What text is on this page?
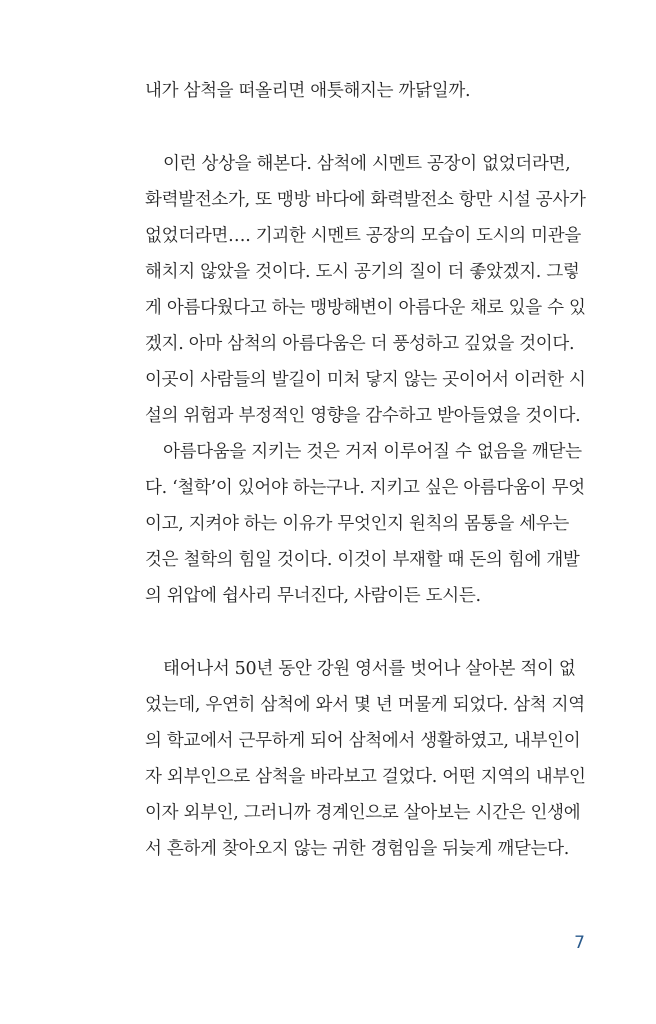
내가 삼척을 떠올리면 애틋해지는 까닭일까.
이런 상상을 해본다. 삼척에 시멘트 공장이 없었더라면,
화력발전소가, 또 맹방 바다에 화력발전소 항만 시설 공사가
없었더라면…. 기괴한 시멘트 공장의 모습이 도시의 미관을
해치지 않았을 것이다. 도시 공기의 질이 더 좋았겠지. 그렇
게 아름다웠다고 하는 맹방해변이 아름다운 채로 있을 수 있
겠지. 아마 삼척의 아름다움은 더 풍성하고 깊었을 것이다.
이곳이 사람들의 발길이 미처 닿지 않는 곳이어서 이러한 시
설의 위험과 부정적인 영향을 감수하고 받아들였을 것이다.
아름다움을 지키는 것은 거저 이루어질 수 없음을 깨닫는
다. ‘철학’이 있어야 하는구나. 지키고 싶은 아름다움이 무엇
이고, 지켜야 하는 이유가 무엇인지 원칙의 몸통을 세우는
것은 철학의 힘일 것이다. 이것이 부재할 때 돈의 힘에 개발
의 위압에 쉽사리 무너진다, 사람이든 도시든.
태어나서 50년 동안 강원 영서를 벗어나 살아본 적이 없
었는데, 우연히 삼척에 와서 몇 년 머물게 되었다. 삼척 지역
의 학교에서 근무하게 되어 삼척에서 생활하였고, 내부인이
자 외부인으로 삼척을 바라보고 걸었다. 어떤 지역의 내부인
이자 외부인, 그러니까 경계인으로 살아보는 시간은 인생에
서 흔하게 찾아오지 않는 귀한 경험임을 뒤늦게 깨닫는다.
7
